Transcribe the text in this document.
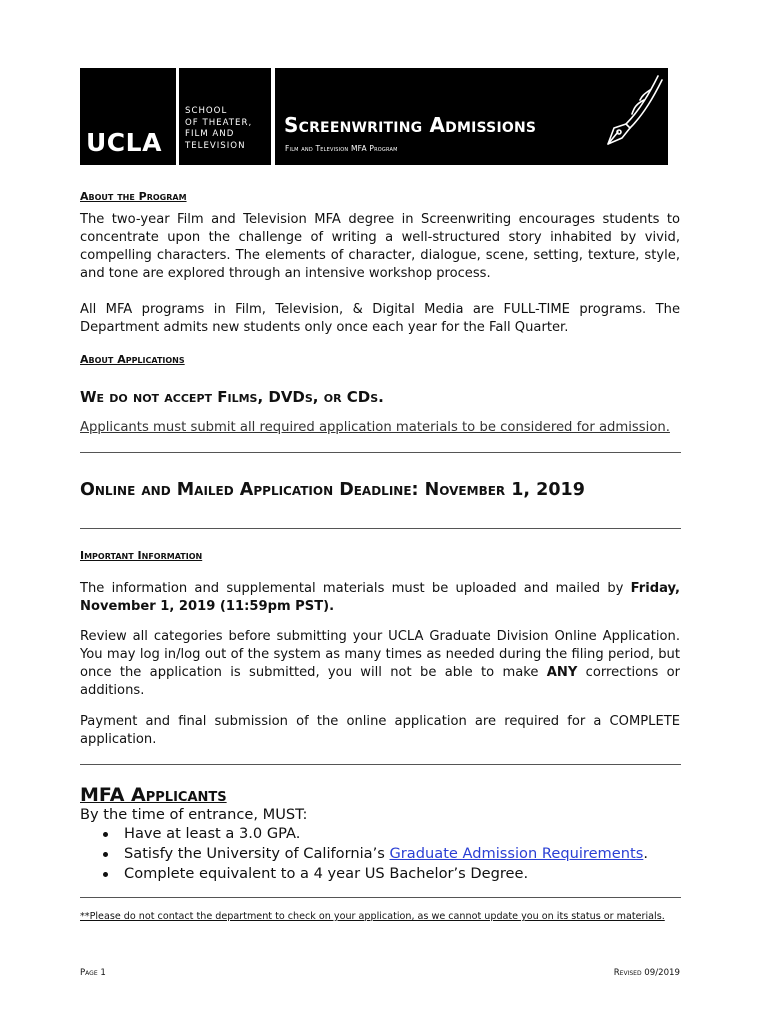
UCLA
SCHOOL
OF THEATER,
FILM AND
TELEVISION
Screenwriting Admissions
Film and Television MFA Program
About the Program

The two-year Film and Television MFA degree in Screenwriting encourages students to concentrate upon the challenge of writing a well-structured story inhabited by vivid, compelling characters. The elements of character, dialogue, scene, setting, texture, style, and tone are explored through an intensive workshop process.

All MFA programs in Film, Television, & Digital Media are FULL-TIME programs. The Department admits new students only once each year for the Fall Quarter.

About Applications
We do not accept Films, DVDs, or CDs.
Applicants must submit all required application materials to be considered for admission.
Online and Mailed Application Deadline: November 1, 2019
Important Information

The information and supplemental materials must be uploaded and mailed by Friday, November 1, 2019 (11:59pm PST).

Review all categories before submitting your UCLA Graduate Division Online Application. You may log in/log out of the system as many times as needed during the filing period, but once the application is submitted, you will not be able to make ANY corrections or additions.

Payment and final submission of the online application are required for a COMPLETE application.

MFA Applicants
By the time of entrance, MUST:
Have at least a 3.0 GPA.
Satisfy the University of California’s Graduate Admission Requirements.
Complete equivalent to a 4 year US Bachelor’s Degree.

**Please do not contact the department to check on your application, as we cannot update you on its status or materials.

Page 1	Revised 09/2019
